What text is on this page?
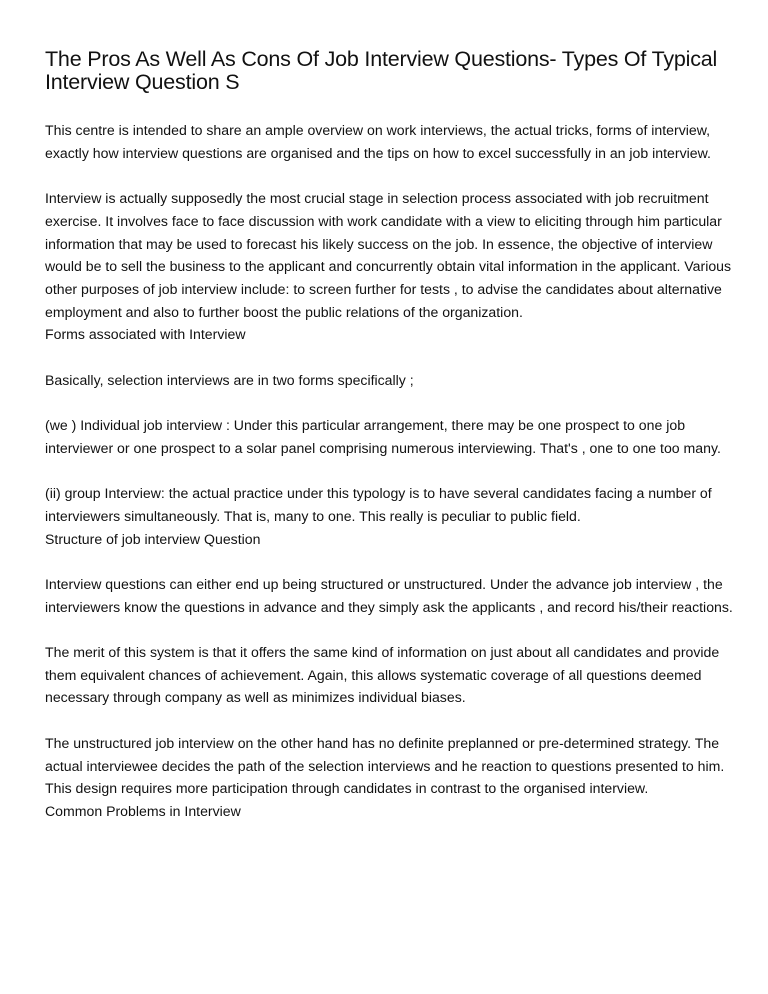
The Pros As Well As Cons Of Job Interview Questions- Types Of Typical Interview Question S

This centre is intended to share an ample overview on work interviews, the actual tricks, forms of interview, exactly how interview questions are organised and the tips on how to excel successfully in an job interview.

Interview is actually supposedly the most crucial stage in selection process associated with job recruitment exercise. It involves face to face discussion with work candidate with a view to eliciting through him particular information that may be used to forecast his likely success on the job. In essence, the objective of interview would be to sell the business to the applicant and concurrently obtain vital information in the applicant. Various other purposes of job interview include: to screen further for tests , to advise the candidates about alternative employment and also to further boost the public relations of the organization.

Forms associated with Interview

Basically, selection interviews are in two forms specifically ;

(we ) Individual job interview : Under this particular arrangement, there may be one prospect to one job interviewer or one prospect to a solar panel comprising numerous interviewing. That's , one to one too many.

(ii) group Interview: the actual practice under this typology is to have several candidates facing a number of interviewers simultaneously. That is, many to one. This really is peculiar to public field.

Structure of job interview Question

Interview questions can either end up being structured or unstructured. Under the advance job interview , the interviewers know the questions in advance and they simply ask the applicants , and record his/their reactions.

The merit of this system is that it offers the same kind of information on just about all candidates and provide them equivalent chances of achievement. Again, this allows systematic coverage of all questions deemed necessary through company as well as minimizes individual biases.

The unstructured job interview on the other hand has no definite preplanned or pre-determined strategy. The actual interviewee decides the path of the selection interviews and he reaction to questions presented to him. This design requires more participation through candidates in contrast to the organised interview.

Common Problems in Interview
